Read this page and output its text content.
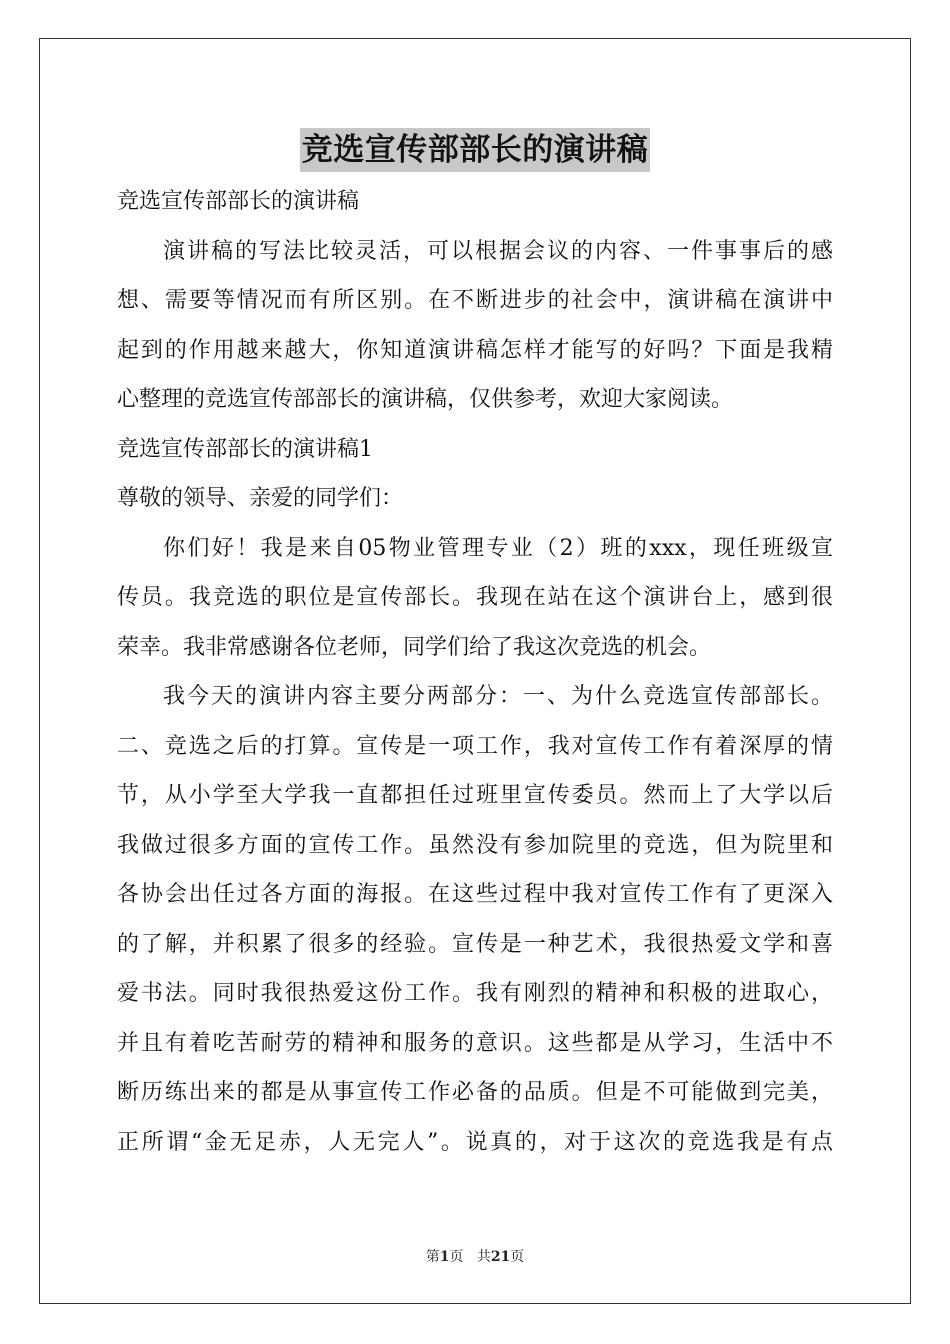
竞选宣传部部长的演讲稿
竞选宣传部部长的演讲稿
演讲稿的写法比较灵活，可以根据会议的内容、一件事事后的感
想、需要等情况而有所区别。在不断进步的社会中，演讲稿在演讲中
起到的作用越来越大，你知道演讲稿怎样才能写的好吗？下面是我精
心整理的竞选宣传部部长的演讲稿，仅供参考，欢迎大家阅读。
竞选宣传部部长的演讲稿1
尊敬的领导、亲爱的同学们：
你们好！我是来自05物业管理专业（2）班的xxx，现任班级宣
传员。我竞选的职位是宣传部长。我现在站在这个演讲台上，感到很
荣幸。我非常感谢各位老师，同学们给了我这次竞选的机会。
我今天的演讲内容主要分两部分：一、为什么竞选宣传部部长。
二、竞选之后的打算。宣传是一项工作，我对宣传工作有着深厚的情
节，从小学至大学我一直都担任过班里宣传委员。然而上了大学以后
我做过很多方面的宣传工作。虽然没有参加院里的竞选，但为院里和
各协会出任过各方面的海报。在这些过程中我对宣传工作有了更深入
的了解，并积累了很多的经验。宣传是一种艺术，我很热爱文学和喜
爱书法。同时我很热爱这份工作。我有刚烈的精神和积极的进取心，
并且有着吃苦耐劳的精神和服务的意识。这些都是从学习，生活中不
断历练出来的都是从事宣传工作必备的品质。但是不可能做到完美，
正所谓“金无足赤，人无完人”。说真的，对于这次的竞选我是有点
第1页 共21页
